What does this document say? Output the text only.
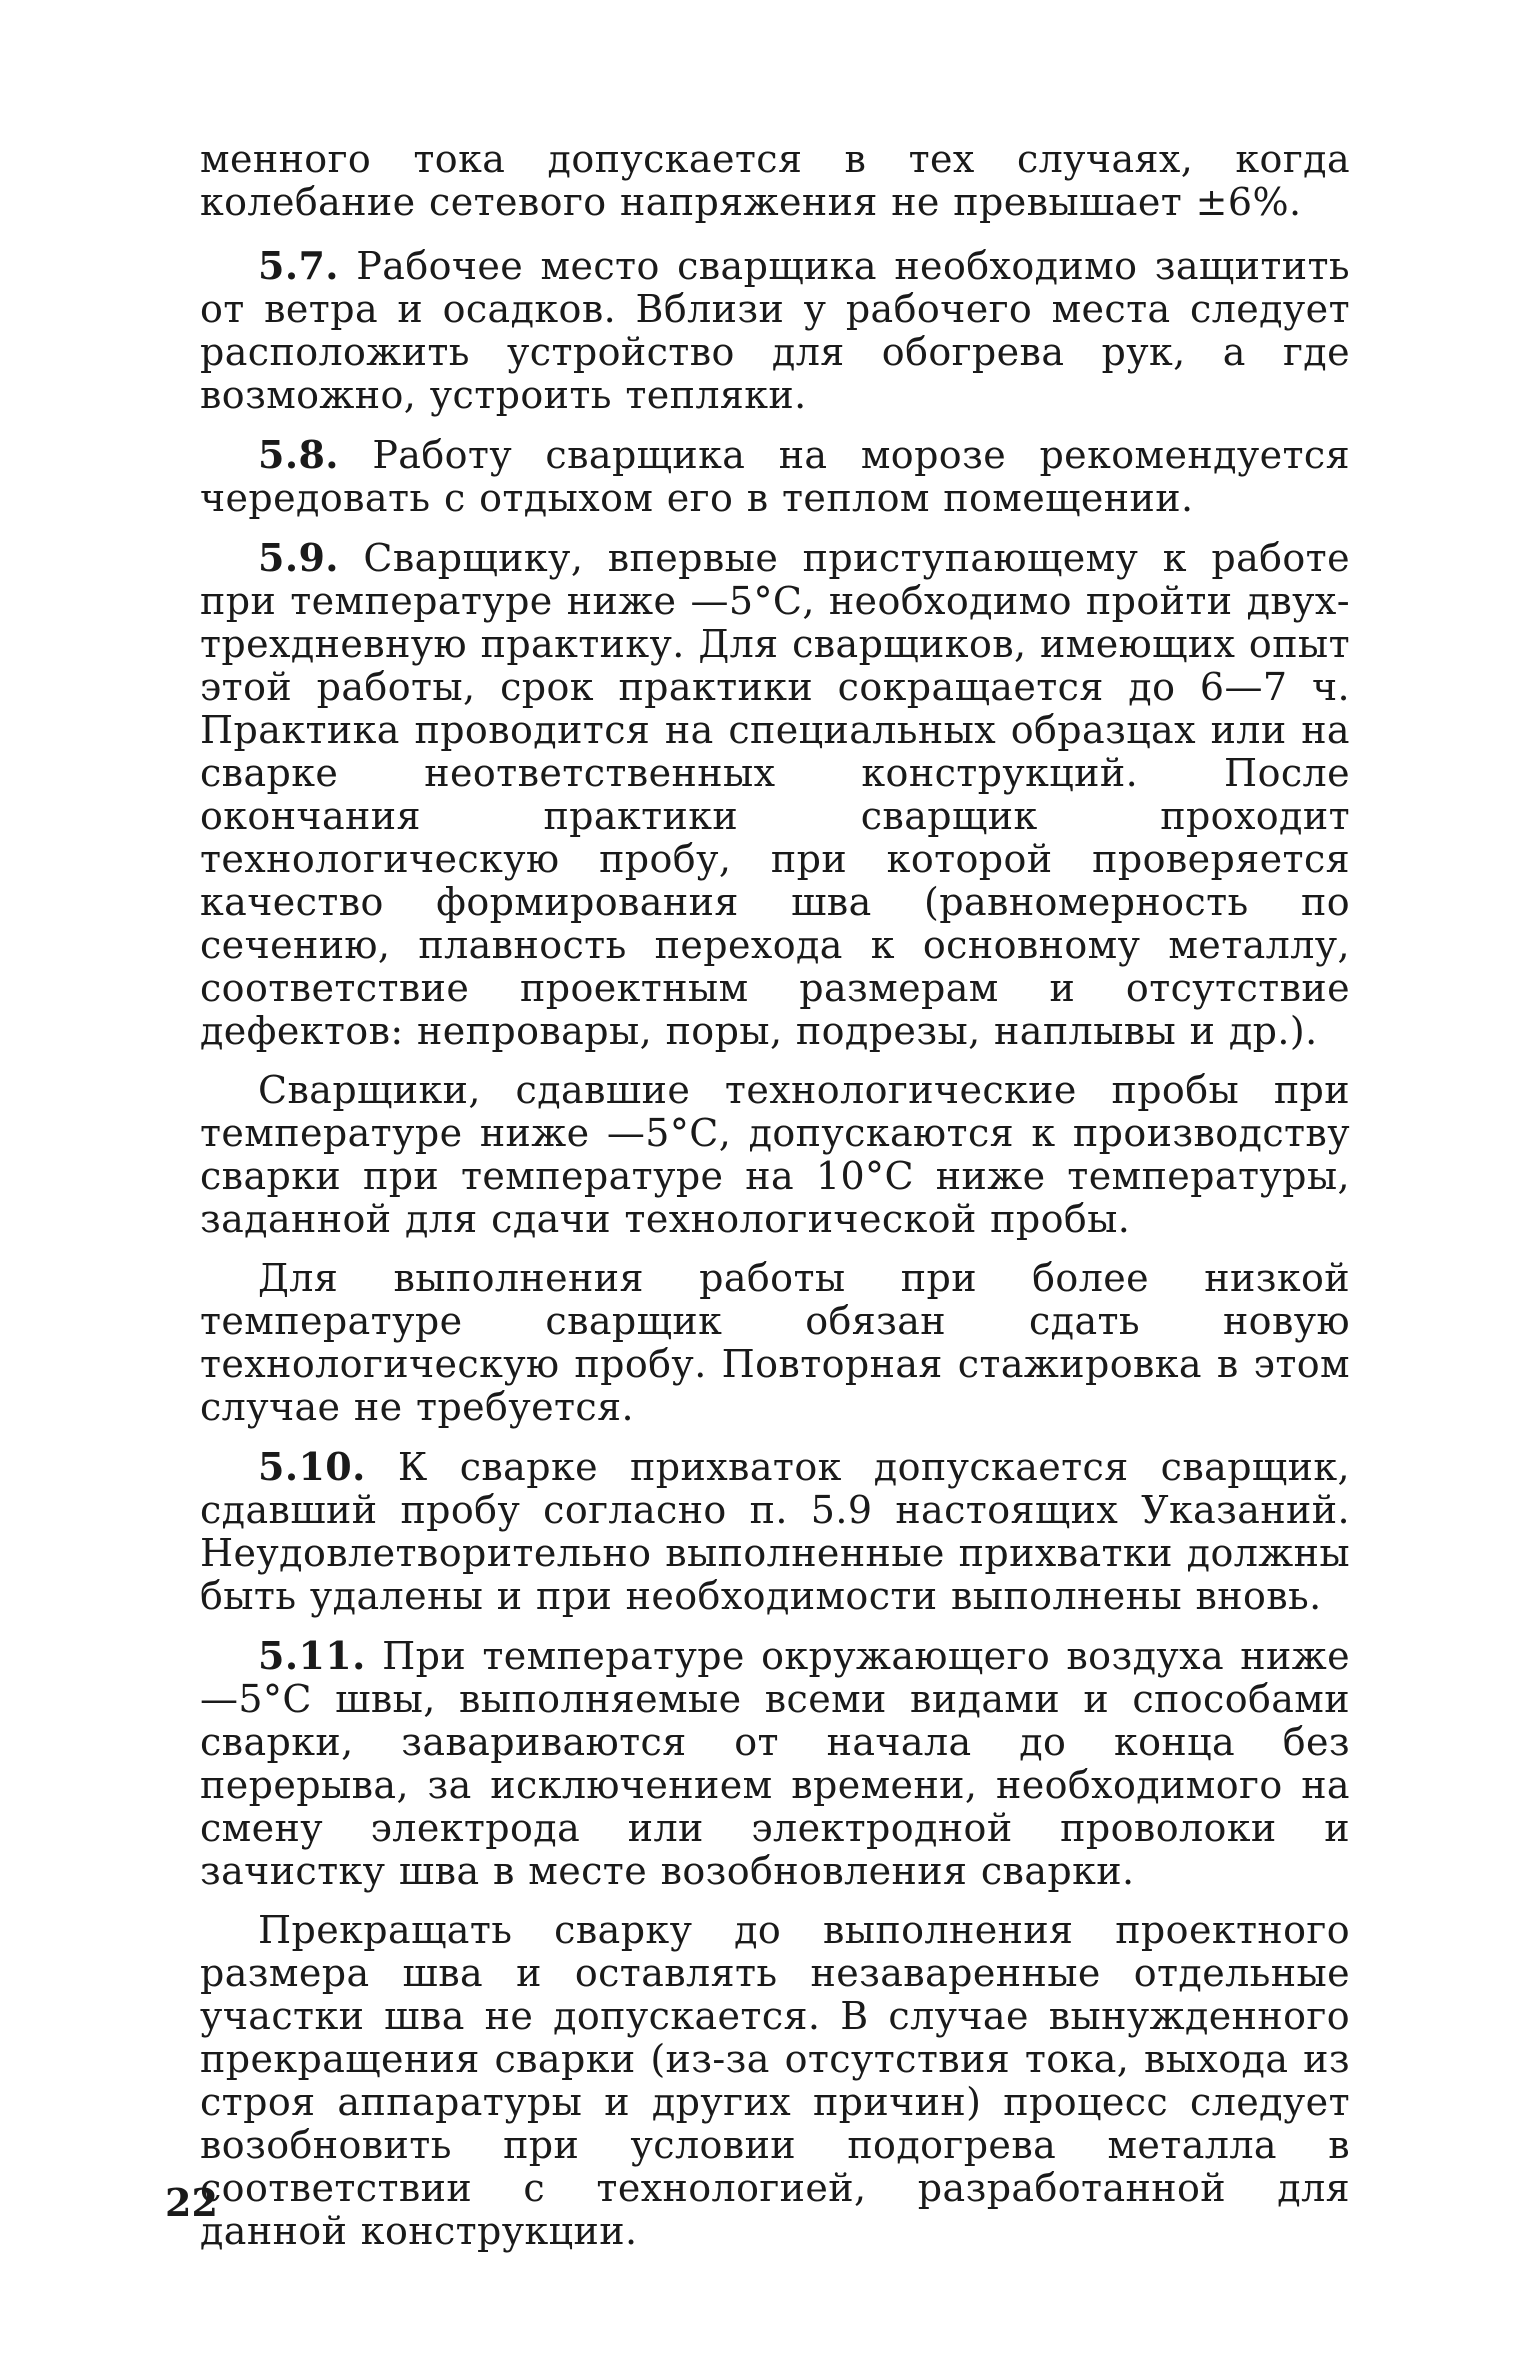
менного тока допускается в тех случаях, когда колебание сетевого напряжения не превышает ±6%.

5.7. Рабочее место сварщика необходимо защитить от ветра и осадков. Вблизи у рабочего места следует расположить устройство для обогрева рук, а где возможно, устроить тепляки.

5.8. Работу сварщика на морозе рекомендуется чередовать с отдыхом его в теплом помещении.

5.9. Сварщику, впервые приступающему к работе при температуре ниже —5°С, необходимо пройти двух-трехдневную практику. Для сварщиков, имеющих опыт этой работы, срок практики сокращается до 6—7 ч. Практика проводится на специальных образцах или на сварке неответственных конструкций. После окончания практики сварщик проходит технологическую пробу, при которой проверяется качество формирования шва (равномерность по сечению, плавность перехода к основному металлу, соответствие проектным размерам и отсутствие дефектов: непровары, поры, подрезы, наплывы и др.).

Сварщики, сдавшие технологические пробы при температуре ниже —5°С, допускаются к производству сварки при температуре на 10°С ниже температуры, заданной для сдачи технологической пробы.

Для выполнения работы при более низкой температуре сварщик обязан сдать новую технологическую пробу. Повторная стажировка в этом случае не требуется.

5.10. К сварке прихваток допускается сварщик, сдавший пробу согласно п. 5.9 настоящих Указаний. Неудовлетворительно выполненные прихватки должны быть удалены и при необходимости выполнены вновь.

5.11. При температуре окружающего воздуха ниже —5°С швы, выполняемые всеми видами и способами сварки, завариваются от начала до конца без перерыва, за исключением времени, необходимого на смену электрода или электродной проволоки и зачистку шва в месте возобновления сварки.

Прекращать сварку до выполнения проектного размера шва и оставлять незаваренные отдельные участки шва не допускается. В случае вынужденного прекращения сварки (из-за отсутствия тока, выхода из строя аппаратуры и других причин) процесс следует возобновить при условии подогрева металла в соответствии с технологией, разработанной для данной конструкции.

22
